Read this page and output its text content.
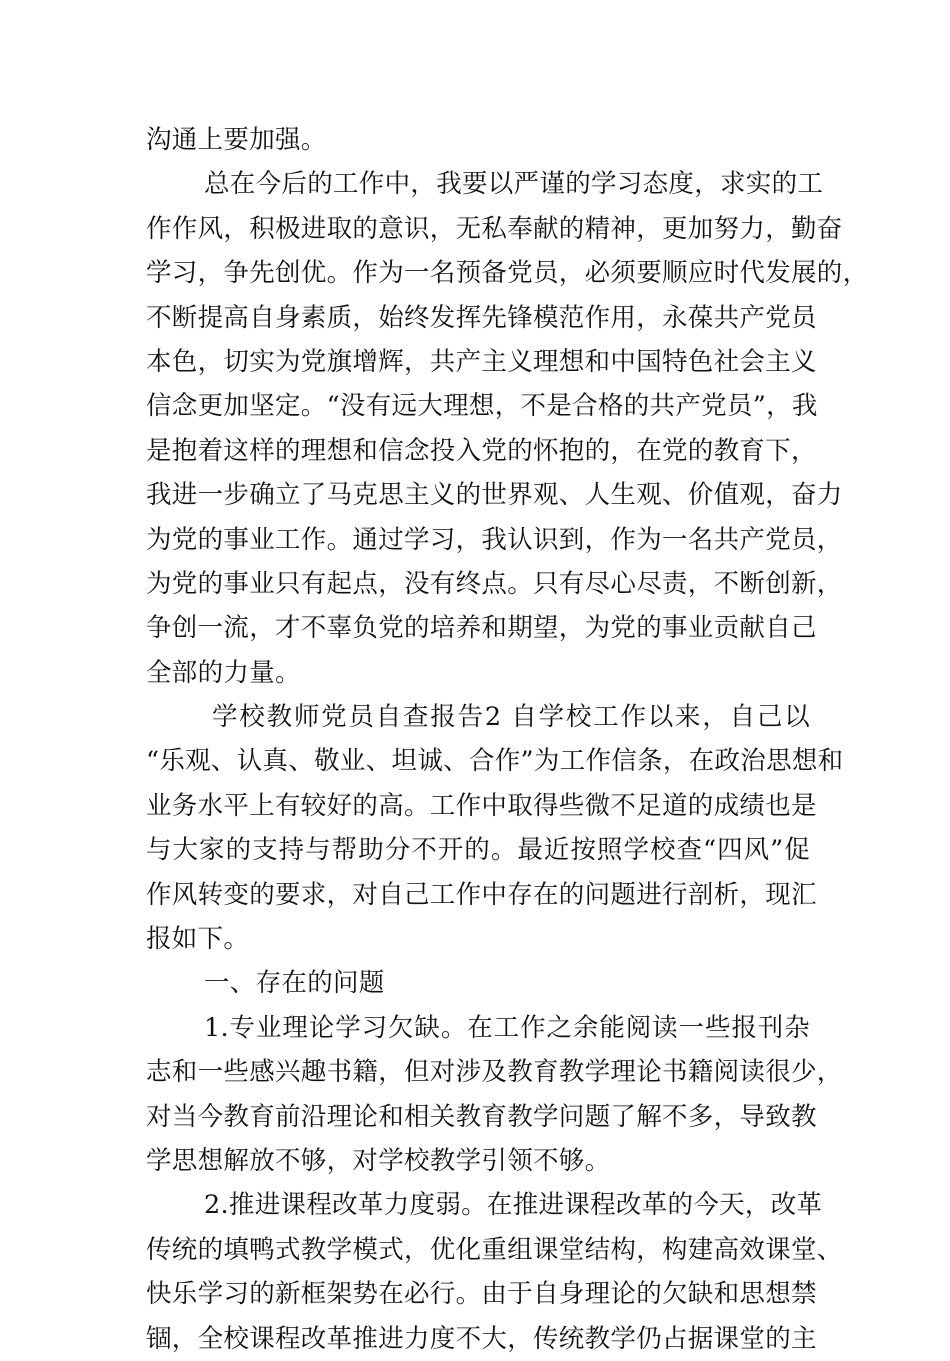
沟通上要加强。
总在今后的工作中，我要以严谨的学习态度，求实的工
作作风，积极进取的意识，无私奉献的精神，更加努力，勤奋
学习，争先创优。作为一名预备党员，必须要顺应时代发展的，
不断提高自身素质，始终发挥先锋模范作用，永葆共产党员
本色，切实为党旗增辉，共产主义理想和中国特色社会主义
信念更加坚定。“没有远大理想，不是合格的共产党员”，我
是抱着这样的理想和信念投入党的怀抱的，在党的教育下，
我进一步确立了马克思主义的世界观、人生观、价值观，奋力
为党的事业工作。通过学习，我认识到，作为一名共产党员，
为党的事业只有起点，没有终点。只有尽心尽责，不断创新，
争创一流，才不辜负党的培养和期望，为党的事业贡献自己
全部的力量。
学校教师党员自查报告2 自学校工作以来，自己以
“乐观、认真、敬业、坦诚、合作”为工作信条，在政治思想和
业务水平上有较好的高。工作中取得些微不足道的成绩也是
与大家的支持与帮助分不开的。最近按照学校查“四风”促
作风转变的要求，对自己工作中存在的问题进行剖析，现汇
报如下。
一、存在的问题
1.专业理论学习欠缺。在工作之余能阅读一些报刊杂
志和一些感兴趣书籍，但对涉及教育教学理论书籍阅读很少，
对当今教育前沿理论和相关教育教学问题了解不多，导致教
学思想解放不够，对学校教学引领不够。
2.推进课程改革力度弱。在推进课程改革的今天，改革
传统的填鸭式教学模式，优化重组课堂结构，构建高效课堂、
快乐学习的新框架势在必行。由于自身理论的欠缺和思想禁
锢，全校课程改革推进力度不大，传统教学仍占据课堂的主
